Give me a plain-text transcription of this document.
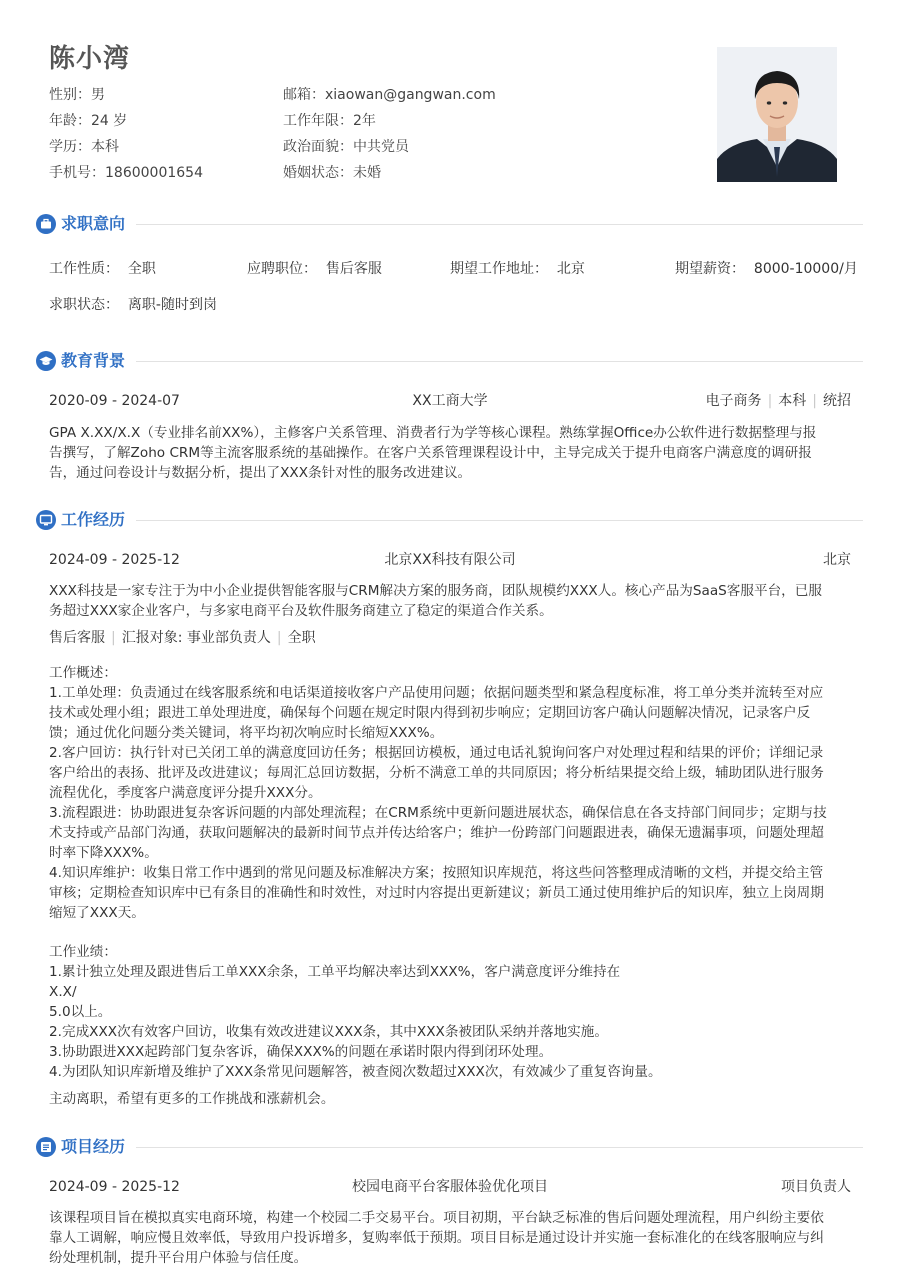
陈小湾
性别：男
年龄：24 岁
学历：本科
手机号：18600001654
邮箱：xiaowan@gangwan.com
工作年限：2年
政治面貌：中共党员
婚姻状态：未婚
求职意向
工作性质： 全职	应聘职位： 售后客服	期望工作地址： 北京	期望薪资： 8000-10000/月
求职状态： 离职-随时到岗
教育背景
2020-09 - 2024-07	XX工商大学	电子商务 | 本科 | 统招
GPA X.XX/X.X（专业排名前XX%），主修客户关系管理、消费者行为学等核心课程。熟练掌握Office办公软件进行数据整理与报
告撰写，了解Zoho CRM等主流客服系统的基础操作。在客户关系管理课程设计中，主导完成关于提升电商客户满意度的调研报
告，通过问卷设计与数据分析，提出了XXX条针对性的服务改进建议。
工作经历
2024-09 - 2025-12	北京XX科技有限公司	北京
XXX科技是一家专注于为中小企业提供智能客服与CRM解决方案的服务商，团队规模约XXX人。核心产品为SaaS客服平台，已服
务超过XXX家企业客户，与多家电商平台及软件服务商建立了稳定的渠道合作关系。
售后客服 | 汇报对象: 事业部负责人 | 全职
工作概述：
1.工单处理：负责通过在线客服系统和电话渠道接收客户产品使用问题；依据问题类型和紧急程度标准，将工单分类并流转至对应
技术或处理小组；跟进工单处理进度，确保每个问题在规定时限内得到初步响应；定期回访客户确认问题解决情况，记录客户反
馈；通过优化问题分类关键词，将平均初次响应时长缩短XXX%。
2.客户回访：执行针对已关闭工单的满意度回访任务；根据回访模板，通过电话礼貌询问客户对处理过程和结果的评价；详细记录
客户给出的表扬、批评及改进建议；每周汇总回访数据，分析不满意工单的共同原因；将分析结果提交给上级，辅助团队进行服务
流程优化，季度客户满意度评分提升XXX分。
3.流程跟进：协助跟进复杂客诉问题的内部处理流程；在CRM系统中更新问题进展状态，确保信息在各支持部门间同步；定期与技
术支持或产品部门沟通，获取问题解决的最新时间节点并传达给客户；维护一份跨部门问题跟进表，确保无遗漏事项，问题处理超
时率下降XXX%。
4.知识库维护：收集日常工作中遇到的常见问题及标准解决方案；按照知识库规范，将这些问答整理成清晰的文档，并提交给主管
审核；定期检查知识库中已有条目的准确性和时效性，对过时内容提出更新建议；新员工通过使用维护后的知识库，独立上岗周期
缩短了XXX天。
工作业绩：
1.累计独立处理及跟进售后工单XXX余条，工单平均解决率达到XXX%，客户满意度评分维持在
X.X/
5.0以上。
2.完成XXX次有效客户回访，收集有效改进建议XXX条，其中XXX条被团队采纳并落地实施。
3.协助跟进XXX起跨部门复杂客诉，确保XXX%的问题在承诺时限内得到闭环处理。
4.为团队知识库新增及维护了XXX条常见问题解答，被查阅次数超过XXX次，有效减少了重复咨询量。
主动离职，希望有更多的工作挑战和涨薪机会。
项目经历
2024-09 - 2025-12	校园电商平台客服体验优化项目	项目负责人
该课程项目旨在模拟真实电商环境，构建一个校园二手交易平台。项目初期，平台缺乏标准的售后问题处理流程，用户纠纷主要依
靠人工调解，响应慢且效率低，导致用户投诉增多，复购率低于预期。项目目标是通过设计并实施一套标准化的在线客服响应与纠
纷处理机制，提升平台用户体验与信任度。
